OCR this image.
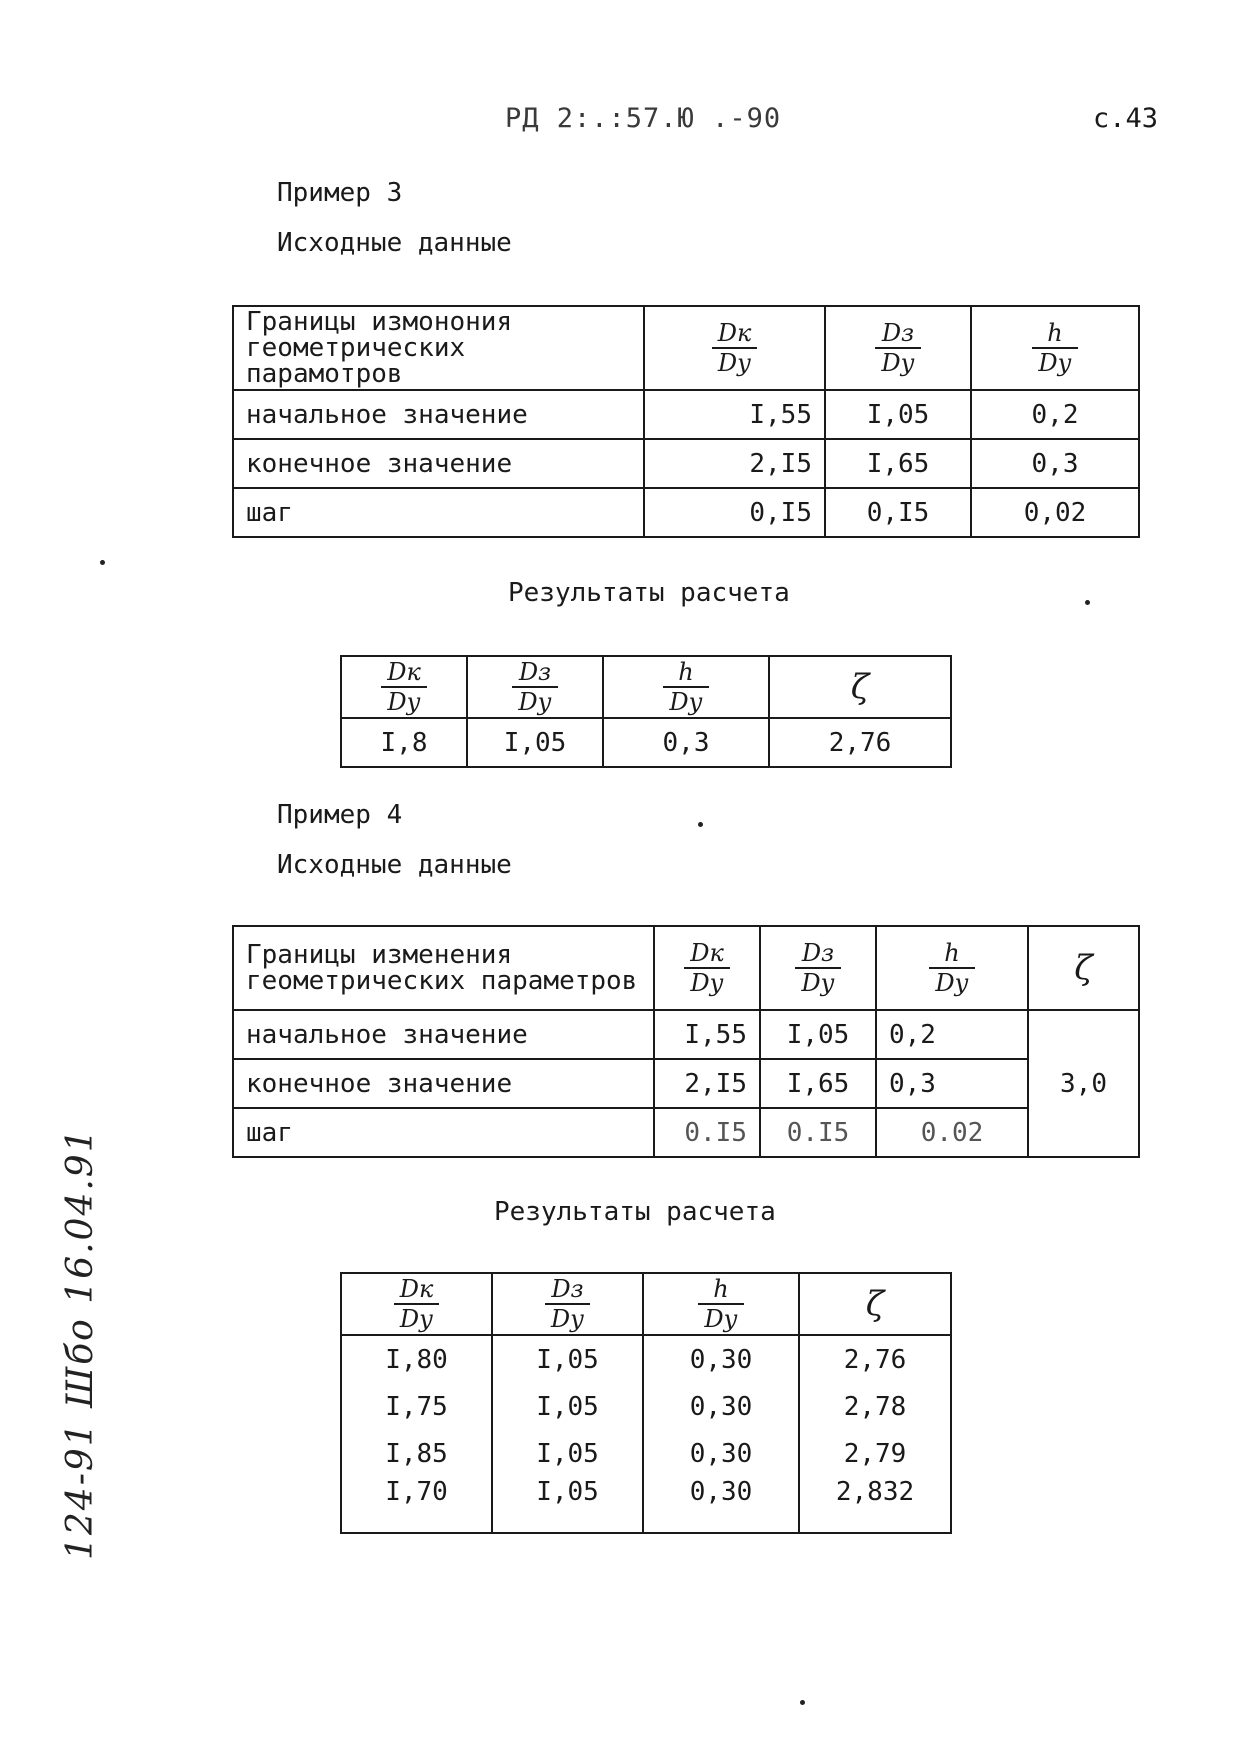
РД 2:.:57.Ю .-90	с.43
Пример 3
Исходные данные
Границы измонония
геометрических парамотров	$\frac{Dк}{Dу}$	$\frac{Dз}{Dу}$	$\frac{h}{Dу}$

начальное значение	I,55	I,05	0,2
конечное значение	2,I5	I,65	0,3
шаг	0,I5	0,I5	0,02
Результаты расчета
$\frac{Dк}{Dу}$	$\frac{Dз}{Dу}$	$\frac{h}{Dу}$	ζ
I,8	I,05	0,3	2,76
Пример 4
Исходные данные
Границы изменения
геометрических параметров	$\frac{Dк}{Dу}$	$\frac{Dз}{Dу}$	$\frac{h}{Dу}$	ζ
начальное значение	I,55	I,05	0,2	3,0
конечное значение	2,I5	I,65	0,3	
шаг	0.I5	0.I5	0.02	
Результаты расчета
$\frac{Dк}{Dу}$	$\frac{Dз}{Dу}$	$\frac{h}{Dу}$	ζ
I,80	I,05	0,30	2,76
I,75	I,05	0,30	2,78
I,85	I,05	0,30	2,79
I,70	I,05	0,30	2,832
124-91 Шбо 16.04.91
